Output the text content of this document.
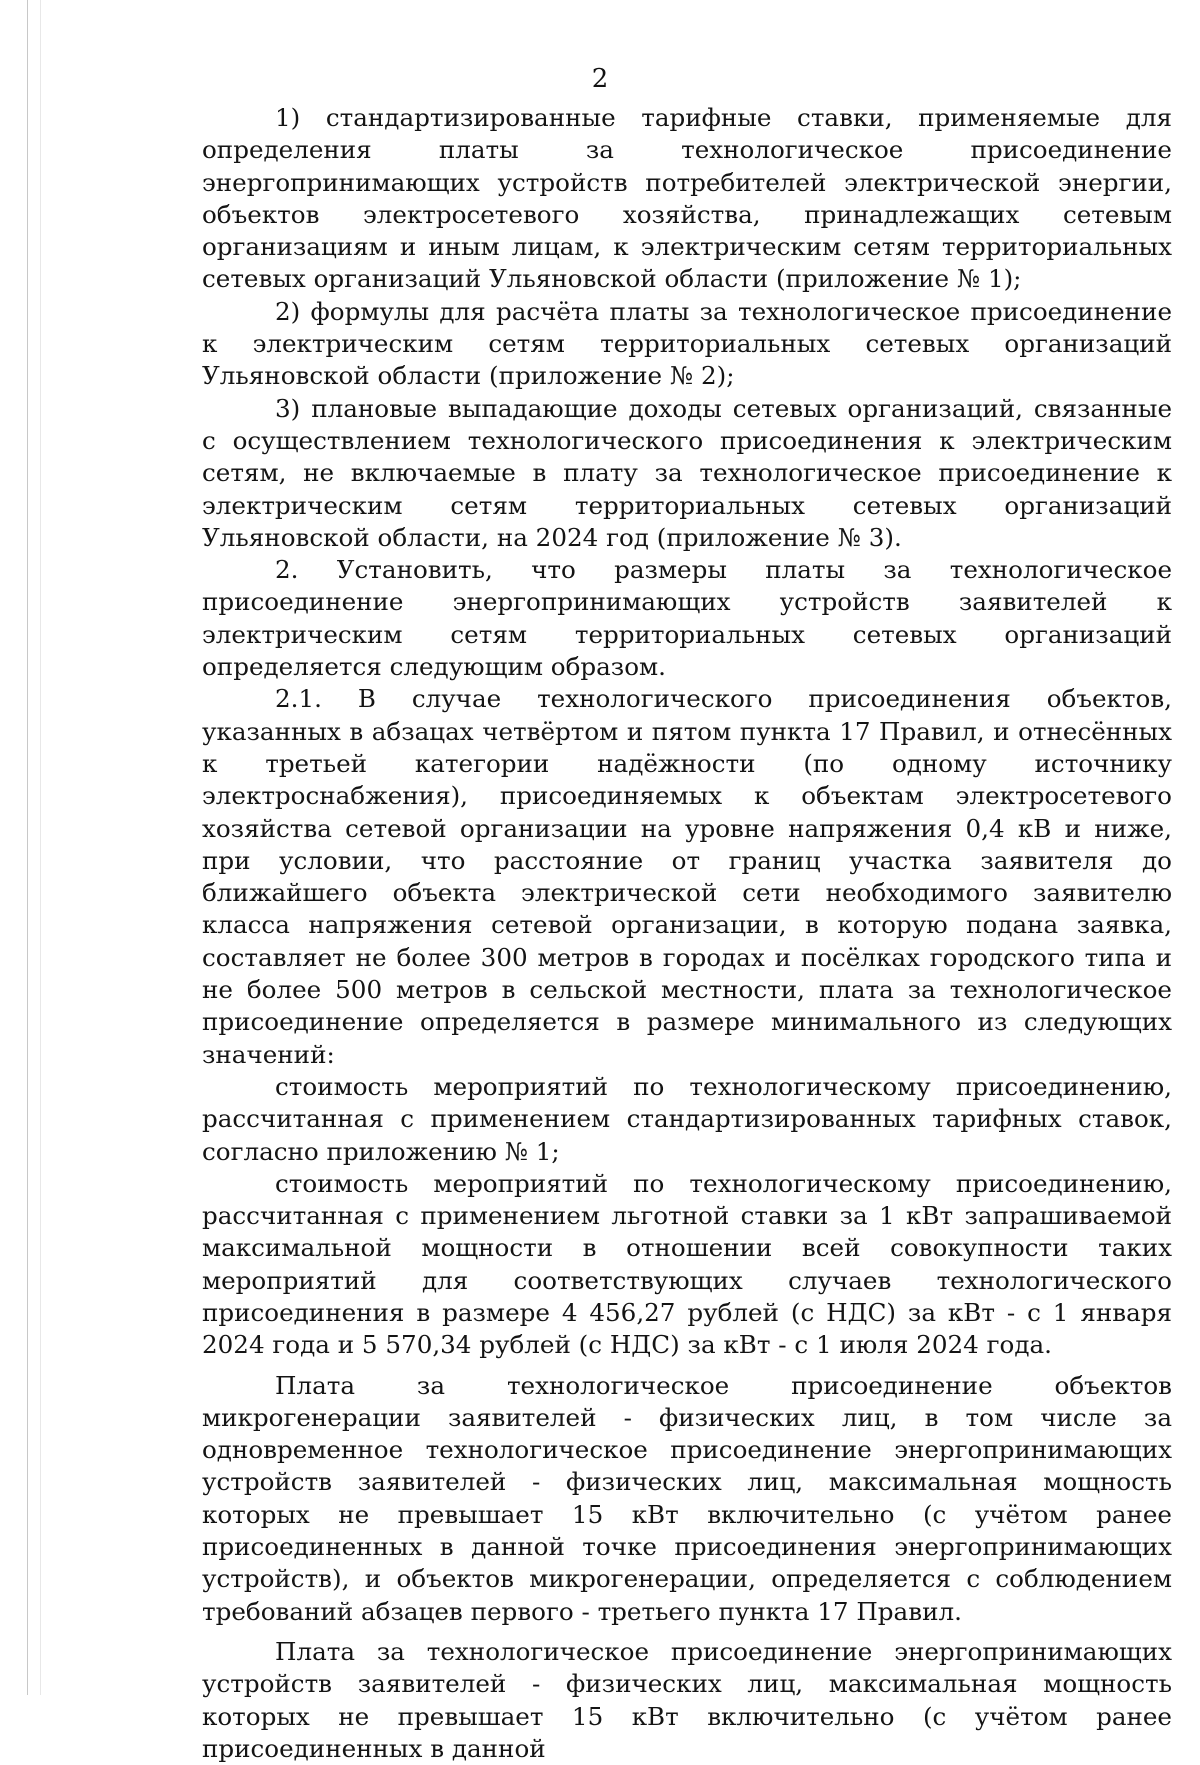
2

1) стандартизированные тарифные ставки, применяемые для определения платы за технологическое присоединение энергопринимающих устройств потребителей электрической энергии, объектов электросетевого хозяйства, принадлежащих сетевым организациям и иным лицам, к электрическим сетям территориальных сетевых организаций Ульяновской области (приложение № 1);

2) формулы для расчёта платы за технологическое присоединение к электрическим сетям территориальных сетевых организаций Ульяновской области (приложение № 2);

3) плановые выпадающие доходы сетевых организаций, связанные с осуществлением технологического присоединения к электрическим сетям, не включаемые в плату за технологическое присоединение к электрическим сетям территориальных сетевых организаций Ульяновской области, на 2024 год (приложение № 3).

2. Установить, что размеры платы за технологическое присоединение энергопринимающих устройств заявителей к электрическим сетям территориальных сетевых организаций определяется следующим образом.

2.1. В случае технологического присоединения объектов, указанных в абзацах четвёртом и пятом пункта 17 Правил, и отнесённых к третьей категории надёжности (по одному источнику электроснабжения), присоединяемых к объектам электросетевого хозяйства сетевой организации на уровне напряжения 0,4 кВ и ниже, при условии, что расстояние от границ участка заявителя до ближайшего объекта электрической сети необходимого заявителю класса напряжения сетевой организации, в которую подана заявка, составляет не более 300 метров в городах и посёлках городского типа и не более 500 метров в сельской местности, плата за технологическое присоединение определяется в размере минимального из следующих значений:

стоимость мероприятий по технологическому присоединению, рассчитанная с применением стандартизированных тарифных ставок, согласно приложению № 1;

стоимость мероприятий по технологическому присоединению, рассчитанная с применением льготной ставки за 1 кВт запрашиваемой максимальной мощности в отношении всей совокупности таких мероприятий для соответствующих случаев технологического присоединения в размере 4 456,27 рублей (с НДС) за кВт - с 1 января 2024 года и 5 570,34 рублей (с НДС) за кВт - с 1 июля 2024 года.

Плата за технологическое присоединение объектов микрогенерации заявителей - физических лиц, в том числе за одновременное технологическое присоединение энергопринимающих устройств заявителей - физических лиц, максимальная мощность которых не превышает 15 кВт включительно (с учётом ранее присоединенных в данной точке присоединения энергопринимающих устройств), и объектов микрогенерации, определяется с соблюдением требований абзацев первого - третьего пункта 17 Правил.

Плата за технологическое присоединение энергопринимающих устройств заявителей - физических лиц, максимальная мощность которых не превышает 15 кВт включительно (с учётом ранее присоединенных в данной
